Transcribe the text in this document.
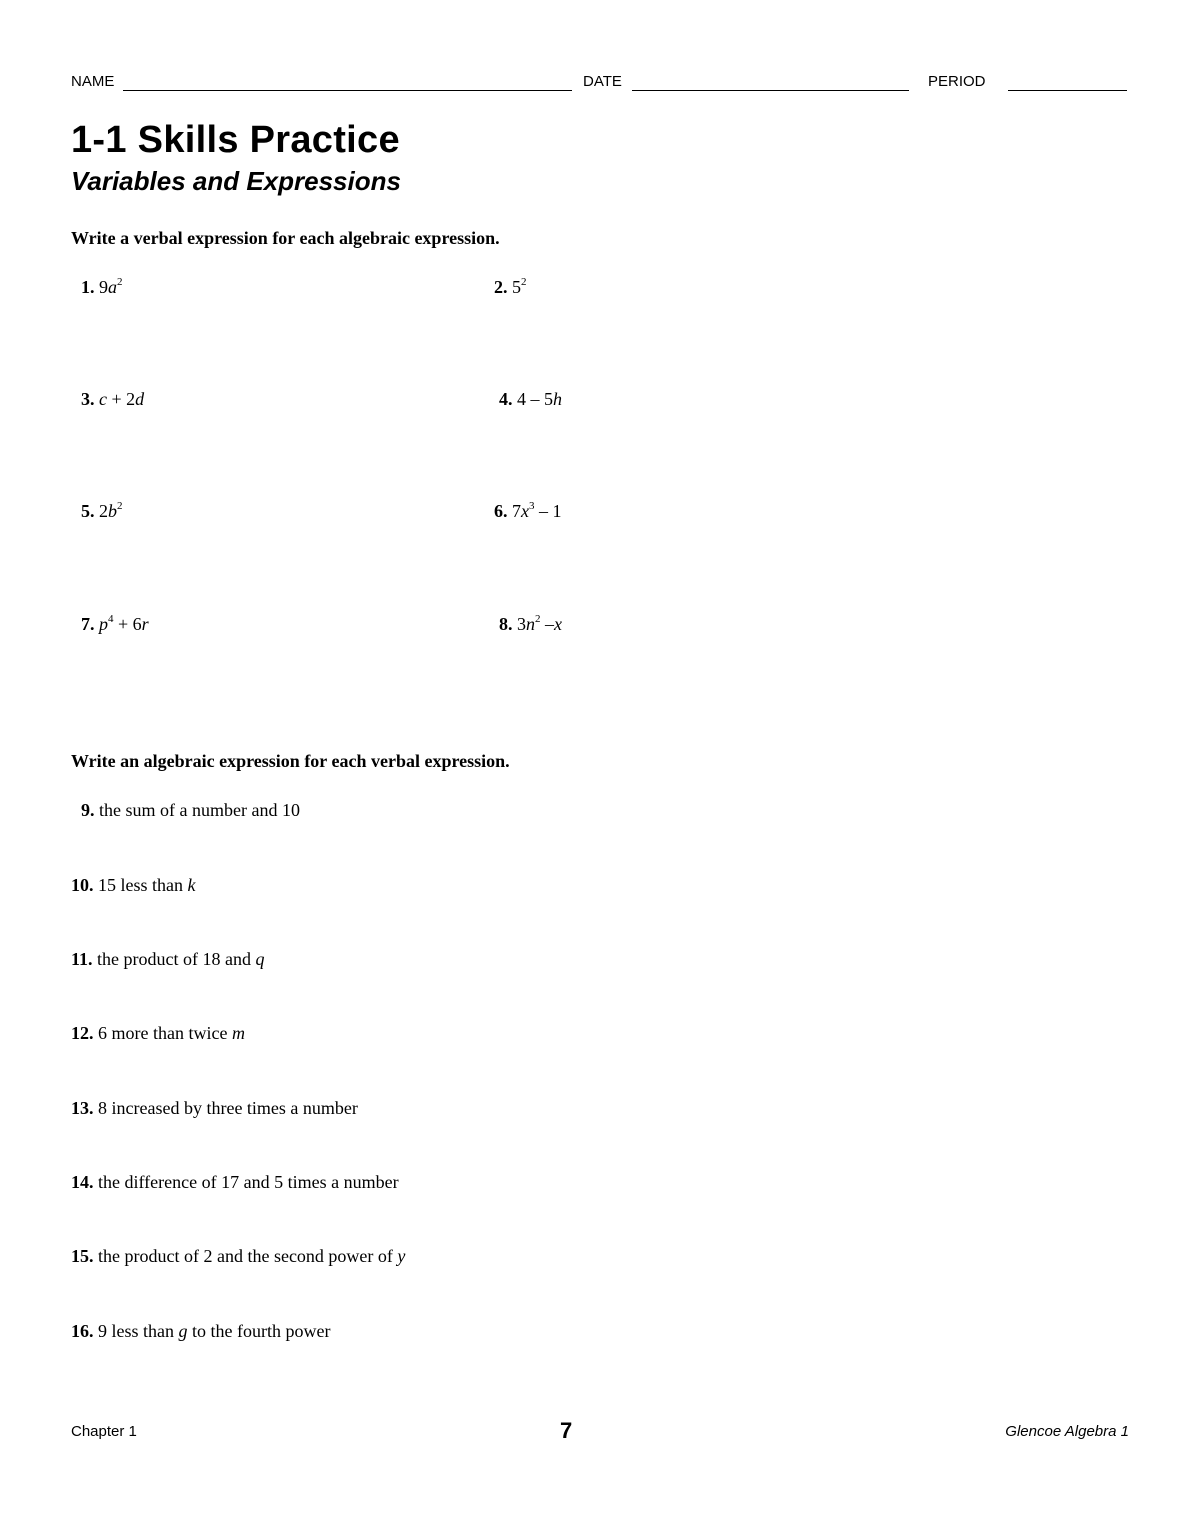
NAME	DATE	PERIOD
1-1 Skills Practice
Variables and Expressions
Write a verbal expression for each algebraic expression.
1. $9a^2$	2. $5^2$
3. c + 2d	4. 4 – 5h
5. $2b^2$	6. $7x^3 - 1$
7. $p^4 + 6r$	8. $3n^2$ –x
Write an algebraic expression for each verbal expression.
9. the sum of a number and 10
10. 15 less than k
11. the product of 18 and q
12. 6 more than twice m
13. 8 increased by three times a number
14. the difference of 17 and 5 times a number
15. the product of 2 and the second power of y
16. 9 less than g to the fourth power
Chapter 1	7	Glencoe Algebra 1
